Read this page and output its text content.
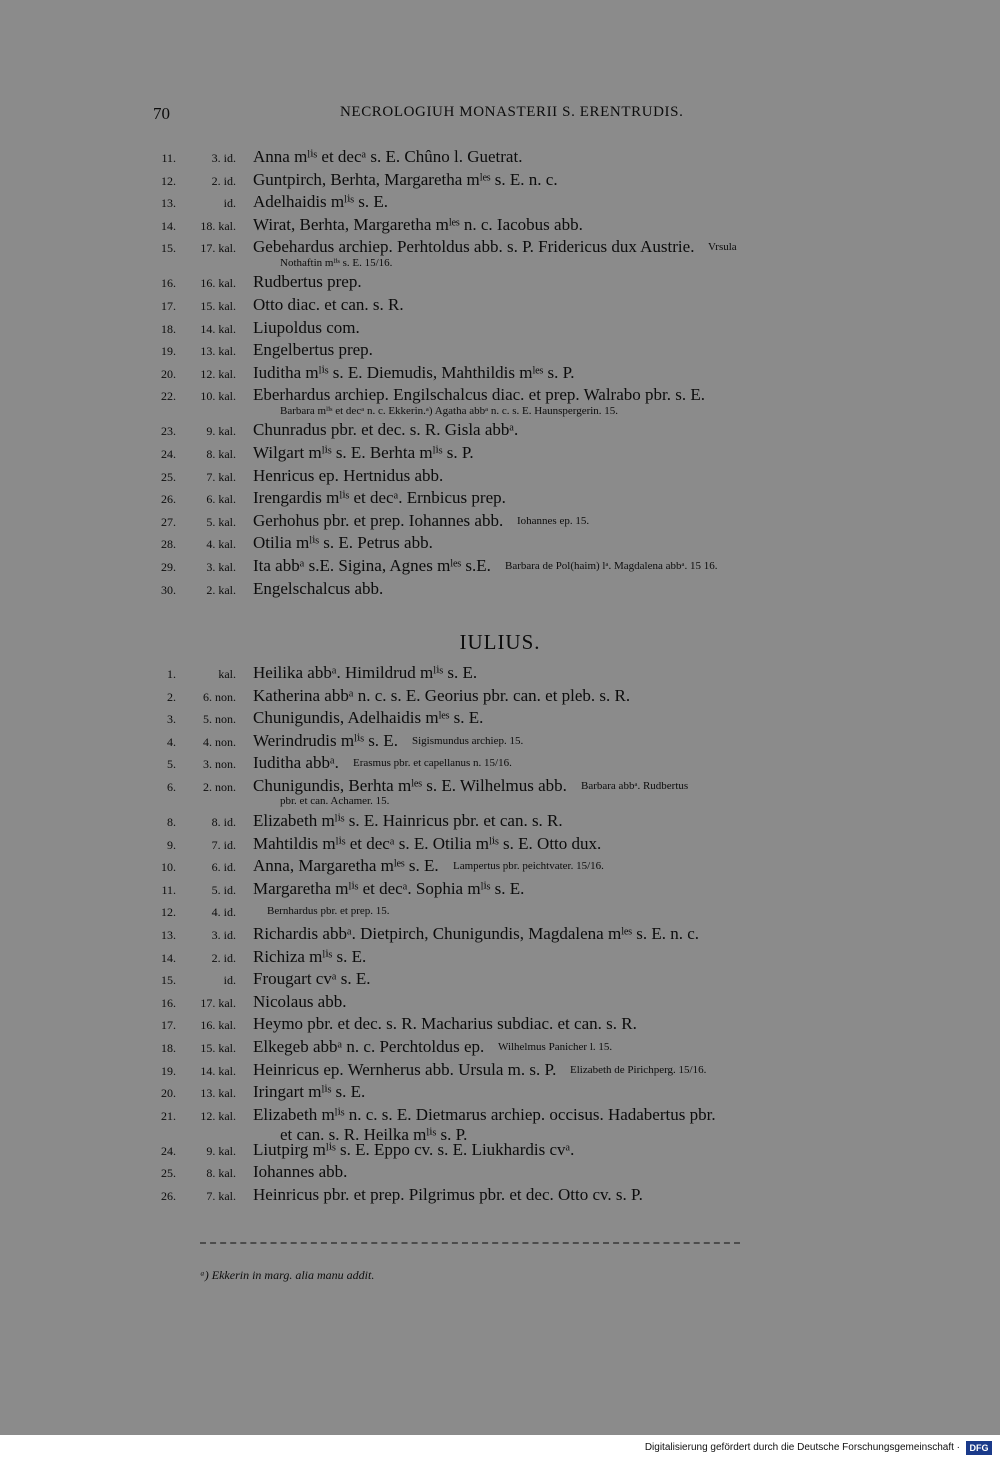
70	NECROLOGIUH MONASTERII S. ERENTRUDIS.
11.	3. id. Anna mˡⁱˢ et decᵃ s. E. Chûno l. Guetrat.
12.	2. id. Guntpirch, Berhta, Margaretha mˡᵉˢ s. E. n. c.
13.	id. Adelhaidis mˡⁱˢ s. E.
14.	18. kal. Wirat, Berhta, Margaretha mˡᵉˢ n. c. Iacobus abb.
15.	17. kal. Gebehardus archiep. Perhtoldus abb. s. P. Fridericus dux Austrie. Vrsula
Nothaftin mˡⁱˢ s. E. 15/16.
16.	16. kal. Rudbertus prep.
17.	15. kal. Otto diac. et can. s. R.
18.	14. kal. Liupoldus com.
19.	13. kal. Engelbertus prep.
20.	12. kal. Iuditha mˡⁱˢ s. E. Diemudis, Mahthildis mˡᵉˢ s. P.
22.	10. kal. Eberhardus archiep. Engilschalcus diac. et prep. Walrabo pbr. s. E.
Barbara mˡⁱˢ et decᵃ n. c. Ekkerin.ᵃ) Agatha abbᵃ n. c. s. E. Haunspergerin. 15.
23.	9. kal. Chunradus pbr. et dec. s. R. Gisla abbᵃ.
24.	8. kal. Wilgart mˡⁱˢ s. E. Berhta mˡⁱˢ s. P.
25.	7. kal. Henricus ep. Hertnidus abb.
26.	6. kal. Irengardis mˡⁱˢ et decᵃ. Ernbicus prep.
27.	5. kal. Gerhohus pbr. et prep. Iohannes abb. Iohannes ep. 15.
28.	4. kal. Otilia mˡⁱˢ s. E. Petrus abb.
29.	3. kal. Ita abbᵃ s.E. Sigina, Agnes mˡᵉˢ s.E. Barbara de Pol(haim) lᵃ. Magdalena abbᵃ. 15 16.
30.	2. kal. Engelschalcus abb.
IULIUS.
1.	kal. Heilika abbᵃ. Himildrud mˡⁱˢ s. E.
2.	6. non. Katherina abbᵃ n. c. s. E. Georius pbr. can. et pleb. s. R.
3.	5. non. Chunigundis, Adelhaidis mˡᵉˢ s. E.
4.	4. non. Werindrudis mˡⁱˢ s. E. Sigismundus archiep. 15.
5.	3. non. Iuditha abbᵃ. Erasmus pbr. et capellanus n. 15/16.
6.	2. non. Chunigundis, Berhta mˡᵉˢ s. E. Wilhelmus abb. Barbara abbᵃ. Rudbertus
pbr. et can. Achamer. 15.
8.	8. id. Elizabeth mˡⁱˢ s. E. Hainricus pbr. et can. s. R.
9.	7. id. Mahtildis mˡⁱˢ et decᵃ s. E. Otilia mˡⁱˢ s. E. Otto dux.
10.	6. id. Anna, Margaretha mˡᵉˢ s. E. Lampertus pbr. peichtvater. 15/16.
11.	5. id. Margaretha mˡⁱˢ et decᵃ. Sophia mˡⁱˢ s. E.
12.	4. id.	Bernhardus pbr. et prep. 15.
13.	3. id. Richardis abbᵃ. Dietpirch, Chunigundis, Magdalena mˡᵉˢ s. E. n. c.
14.	2. id. Richiza mˡⁱˢ s. E.
15.	id. Frougart cvᵃ s. E.
16.	17. kal. Nicolaus abb.
17.	16. kal. Heymo pbr. et dec. s. R. Macharius subdiac. et can. s. R.
18.	15. kal. Elkegeb abbᵃ n. c. Perchtoldus ep. Wilhelmus Panicher l. 15.
19.	14. kal. Heinricus ep. Wernherus abb. Ursula m. s. P. Elizabeth de Pirichperg. 15/16.
20.	13. kal. Iringart mˡⁱˢ s. E.
21.	12. kal. Elizabeth mˡⁱˢ n. c. s. E. Dietmarus archiep. occisus. Hadabertus pbr.
et can. s. R. Heilka mˡⁱˢ s. P.
24.	9. kal. Liutpirg mˡⁱˢ s. E. Eppo cv. s. E. Liukhardis cvᵃ.
25.	8. kal. Iohannes abb.
26.	7. kal. Heinricus pbr. et prep. Pilgrimus pbr. et dec. Otto cv. s. P.
ᵃ) Ekkerin in marg. alia manu addit.
Digitalisierung gefördert durch die Deutsche Forschungsgemeinschaft ·	DFG
